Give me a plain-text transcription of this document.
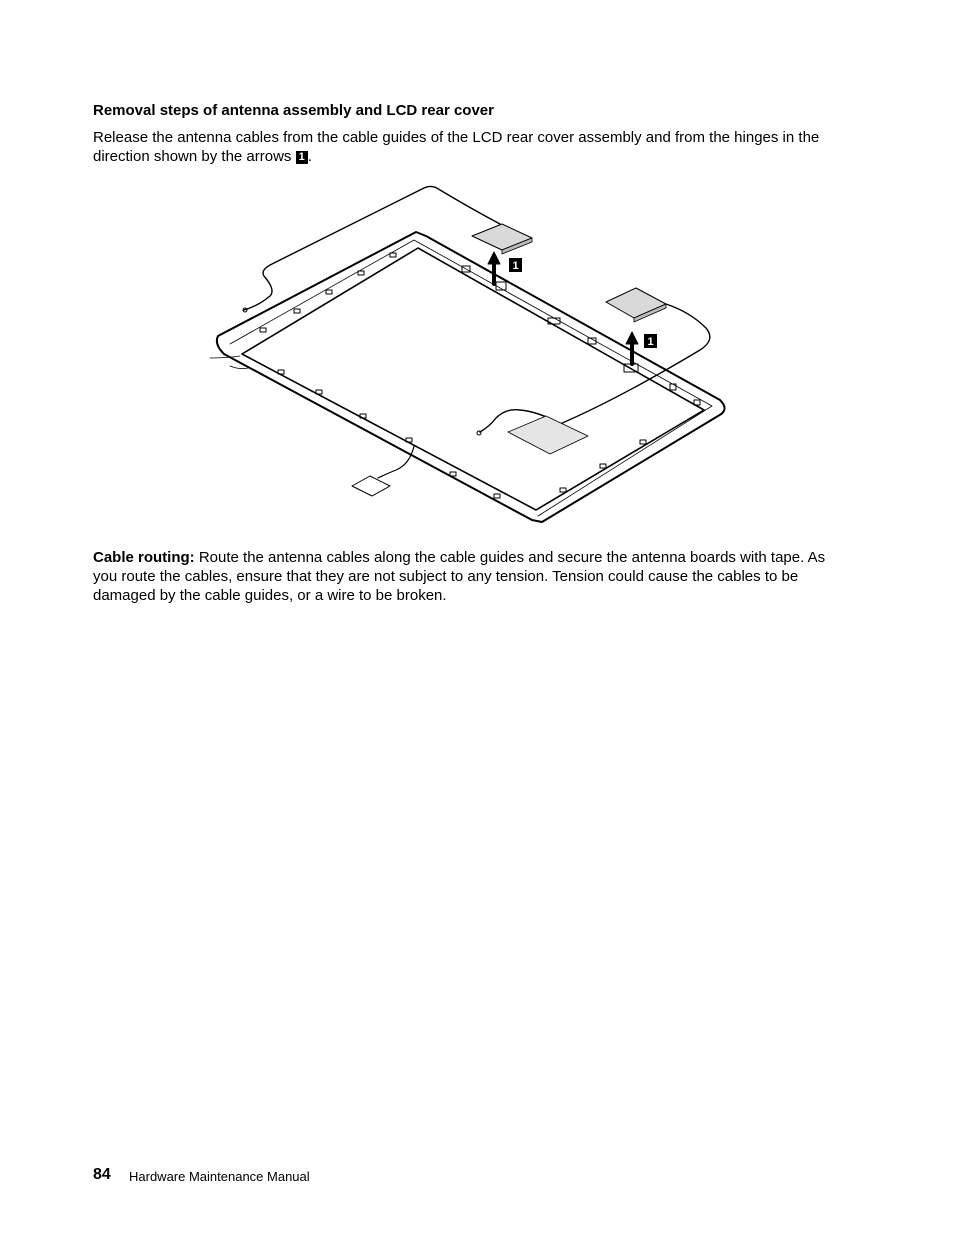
Removal steps of antenna assembly and LCD rear cover

Release the antenna cables from the cable guides of the LCD rear cover assembly and from the hinges in the direction shown by the arrows 1 .

1
1

Cable routing: Route the antenna cables along the cable guides and secure the antenna boards with tape. As you route the cables, ensure that they are not subject to any tension. Tension could cause the cables to be damaged by the cable guides, or a wire to be broken.

84 Hardware Maintenance Manual
